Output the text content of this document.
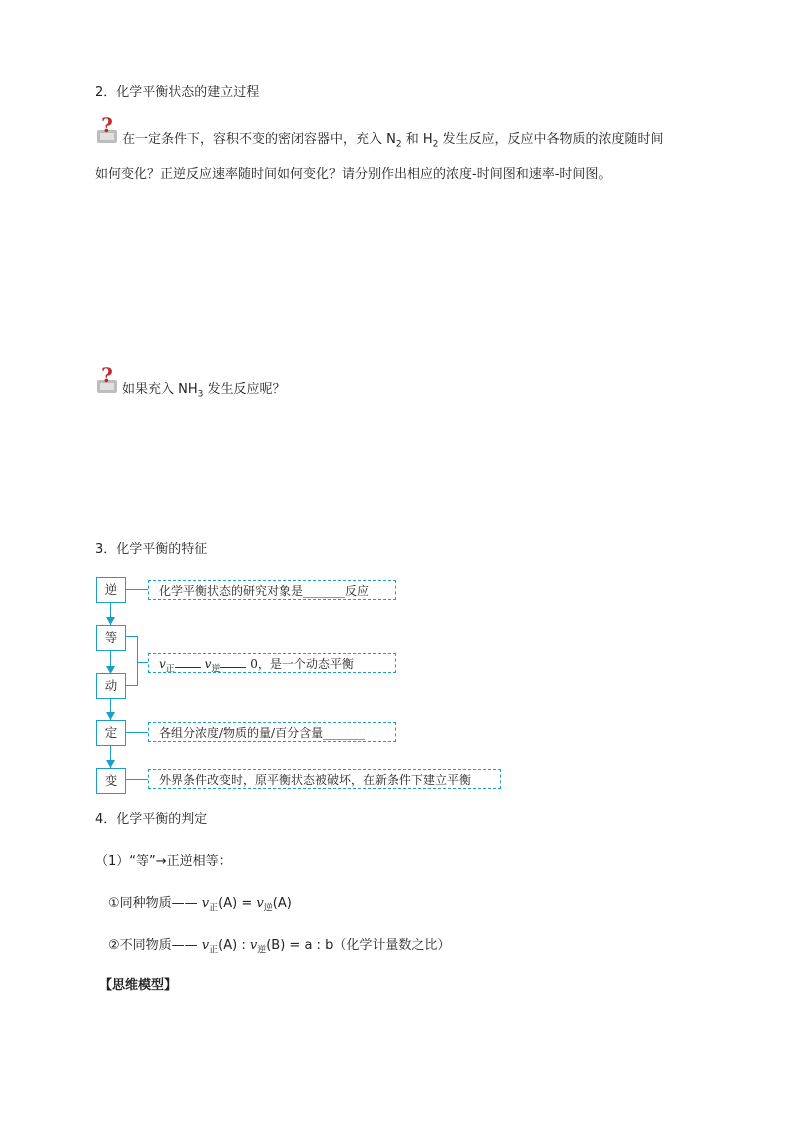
2．化学平衡状态的建立过程
?
在一定条件下，容积不变的密闭容器中，充入 $N_2$ 和 $H_2$ 发生反应，反应中各物质的浓度随时间
如何变化？正逆反应速率随时间如何变化？请分别作出相应的浓度-时间图和速率-时间图。
?
如果充入 $NH_3$ 发生反应呢？
3．化学平衡的特征
逆
等
动
定
变
化学平衡状态的研究对象是_______反应
$v_正$ $v_逆$ 0，是一个动态平衡
各组分浓度/物质的量/百分含量_______
外界条件改变时，原平衡状态被破坏，在新条件下建立平衡
4．化学平衡的判定
（1）“等”→正逆相等：
①同种物质—— $v_正(A) = v_逆(A)$
②不同物质—— $v_正(A)$ : $v_逆(B) = a$ : b（化学计量数之比）
【思维模型】
